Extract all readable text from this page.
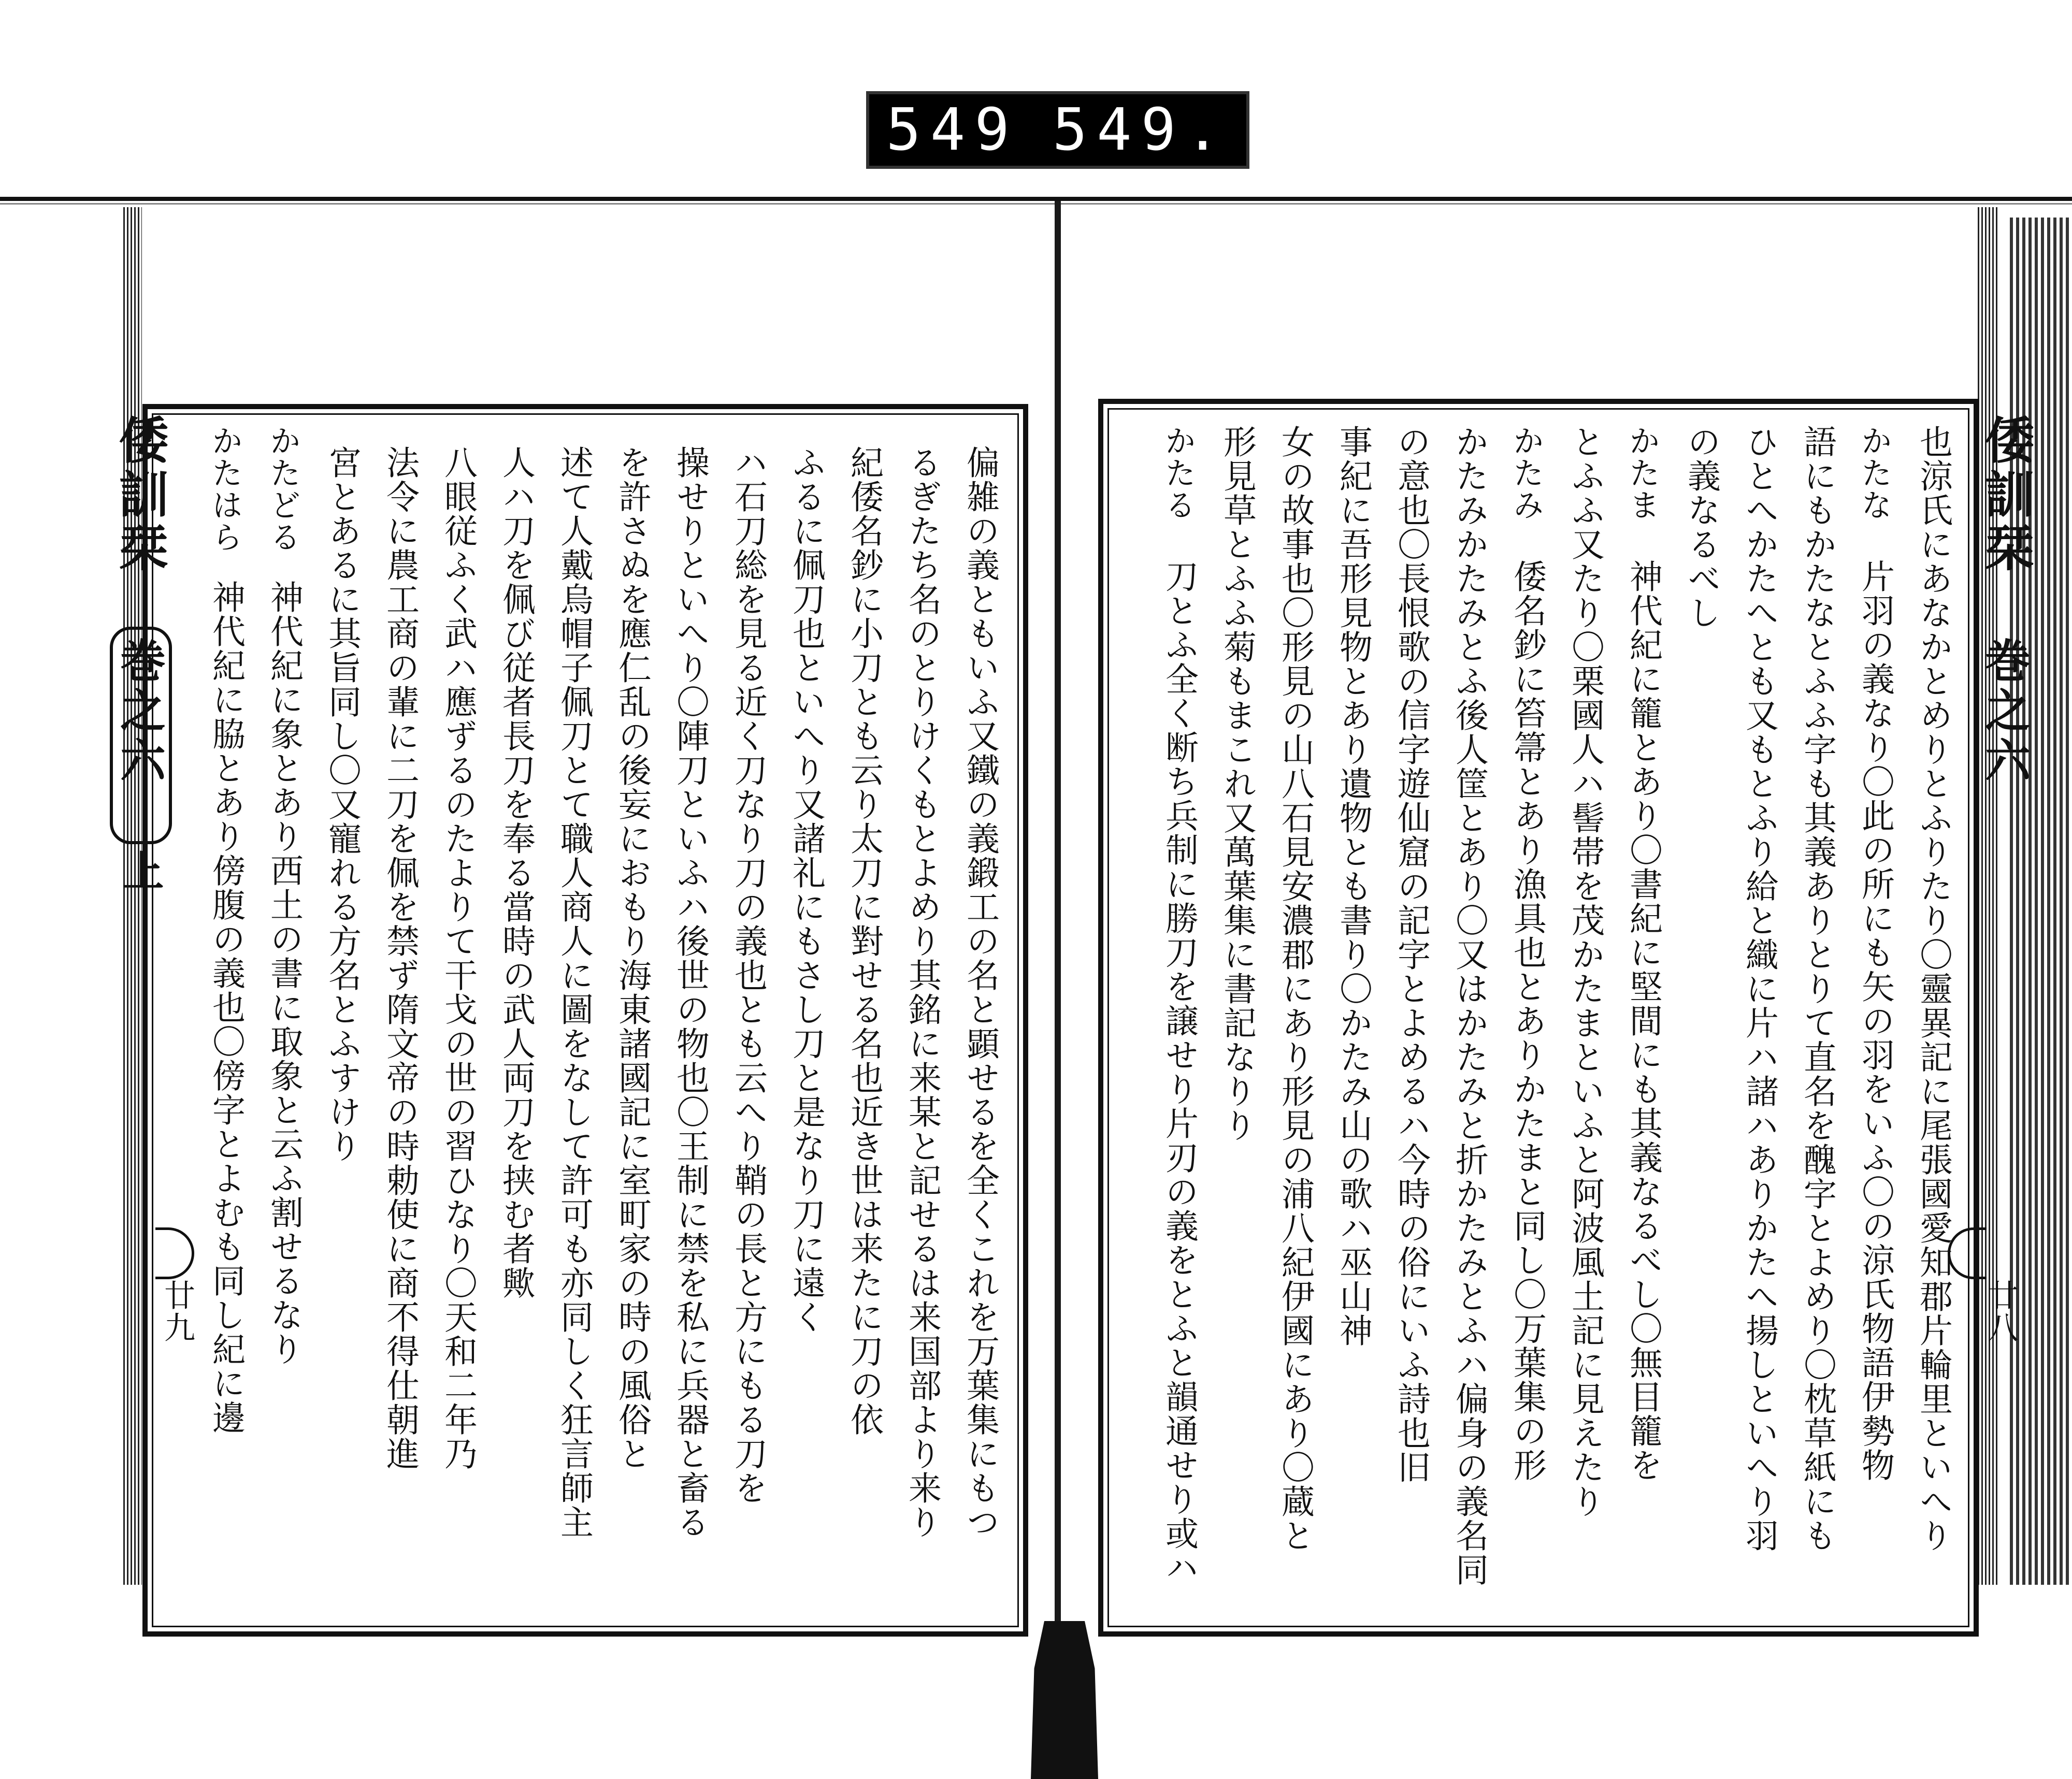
549 549.
倭訓栞
巻之六
上
廿九	偏雑の義ともいふ又鐵の義鍛工の名と顕せるを全くこれを万葉集にもつ
るぎたち名のとりけくもとよめり其銘に来某と記せるは来国部より来り
紀倭名鈔に小刀とも云り太刀に對せる名也近き世は来たに刀の依
ふるに佩刀也といへり又諸礼にもさし刀と是なり刀に遠く
ハ石刀総を見る近く刀なり刀の義也とも云へり鞘の長と方にもる刀を
操せりといへり〇陣刀といふハ後世の物也〇王制に禁を私に兵器と畜る
を許さぬを應仁乱の後妄におもり海東諸國記に室町家の時の風俗と
述て人戴烏帽子佩刀とて職人商人に圖をなして許可も亦同しく狂言師主
人ハ刀を佩び従者長刀を奉る當時の武人両刀を挟む者歟
八眼従ふく武ハ應ずるのたよりて干戈の世の習ひなり〇天和二年乃
法令に農工商の輩に二刀を佩を禁ず隋文帝の時勅使に商不得仕朝進
宮とあるに其旨同し〇又寵れる方名とふすけり
神代紀に象とあり西土の書に取象と云ふ割せるなり
神代紀に脇とあり傍腹の義也〇傍字とよむも同し紀に邊
かたどる
かたはら	倭訓栞
巻之六
廿八
也涼氏にあなかとめりとふりたり〇靈異記に尾張國愛知郡片輪里といへり
片羽の義なり〇此の所にも矢の羽をいふ〇の涼氏物語伊勢物
語にもかたなとふふ字も其義ありとりて直名を醜字とよめり〇枕草紙にも
ひとへかたへとも又もとふり給と織に片ハ諸ハありかたへ揚しといへり羽
の義なるべし
神代紀に籠とあり〇書紀に堅間にも其義なるべし〇無目籠を
とふふ又たり〇栗國人ハ髻帯を茂かたまといふと阿波風土記に見えたり
倭名鈔に笞箒とあり漁具也とありかたまと同し〇万葉集の形
かたみかたみとふ後人筐とあり〇又はかたみと折かたみとふハ偏身の義名同
の意也〇長恨歌の信字遊仙窟の記字とよめるハ今時の俗にいふ詩也旧
事紀に吾形見物とあり遺物とも書り〇かたみ山の歌ハ巫山神
女の故事也〇形見の山八石見安濃郡にあり形見の浦八紀伊國にあり〇蔵と
形見草とふふ菊もまこれ又萬葉集に書記なりり
刀とふ全く断ち兵制に勝刀を譲せり片刃の義をとふと韻通せり或ハ
かたな
かたま
かたみ
かたる
